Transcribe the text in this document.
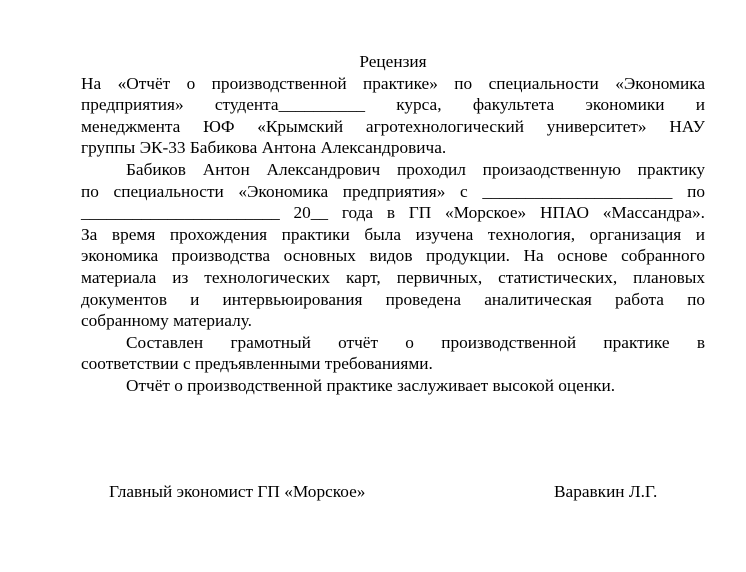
Рецензия
На «Отчёт о производственной практике» по специальности «Экономика
предприятия» студента__________ курса, факультета экономики и
менеджмента ЮФ «Крымский агротехнологический университет» НАУ
группы ЭК-33 Бабикова Антона Александровича.
Бабиков Антон Александрович проходил произаодственную практику
по специальности «Экономика предприятия» с ______________________ по
_______________________ 20__ года в ГП «Морское» НПАО «Массандра».
За время прохождения практики была изучена технология, организация и
экономика производства основных видов продукции. На основе собранного
материала из технологических карт, первичных, статистических, плановых
документов и интервьюирования проведена аналитическая работа по
собранному материалу.
Составлен грамотный отчёт о производственной практике в
соответствии с предъявленными требованиями.
Отчёт о производственной практике заслуживает высокой оценки.
Главный экономист ГП «Морское»	Варавкин Л.Г.
